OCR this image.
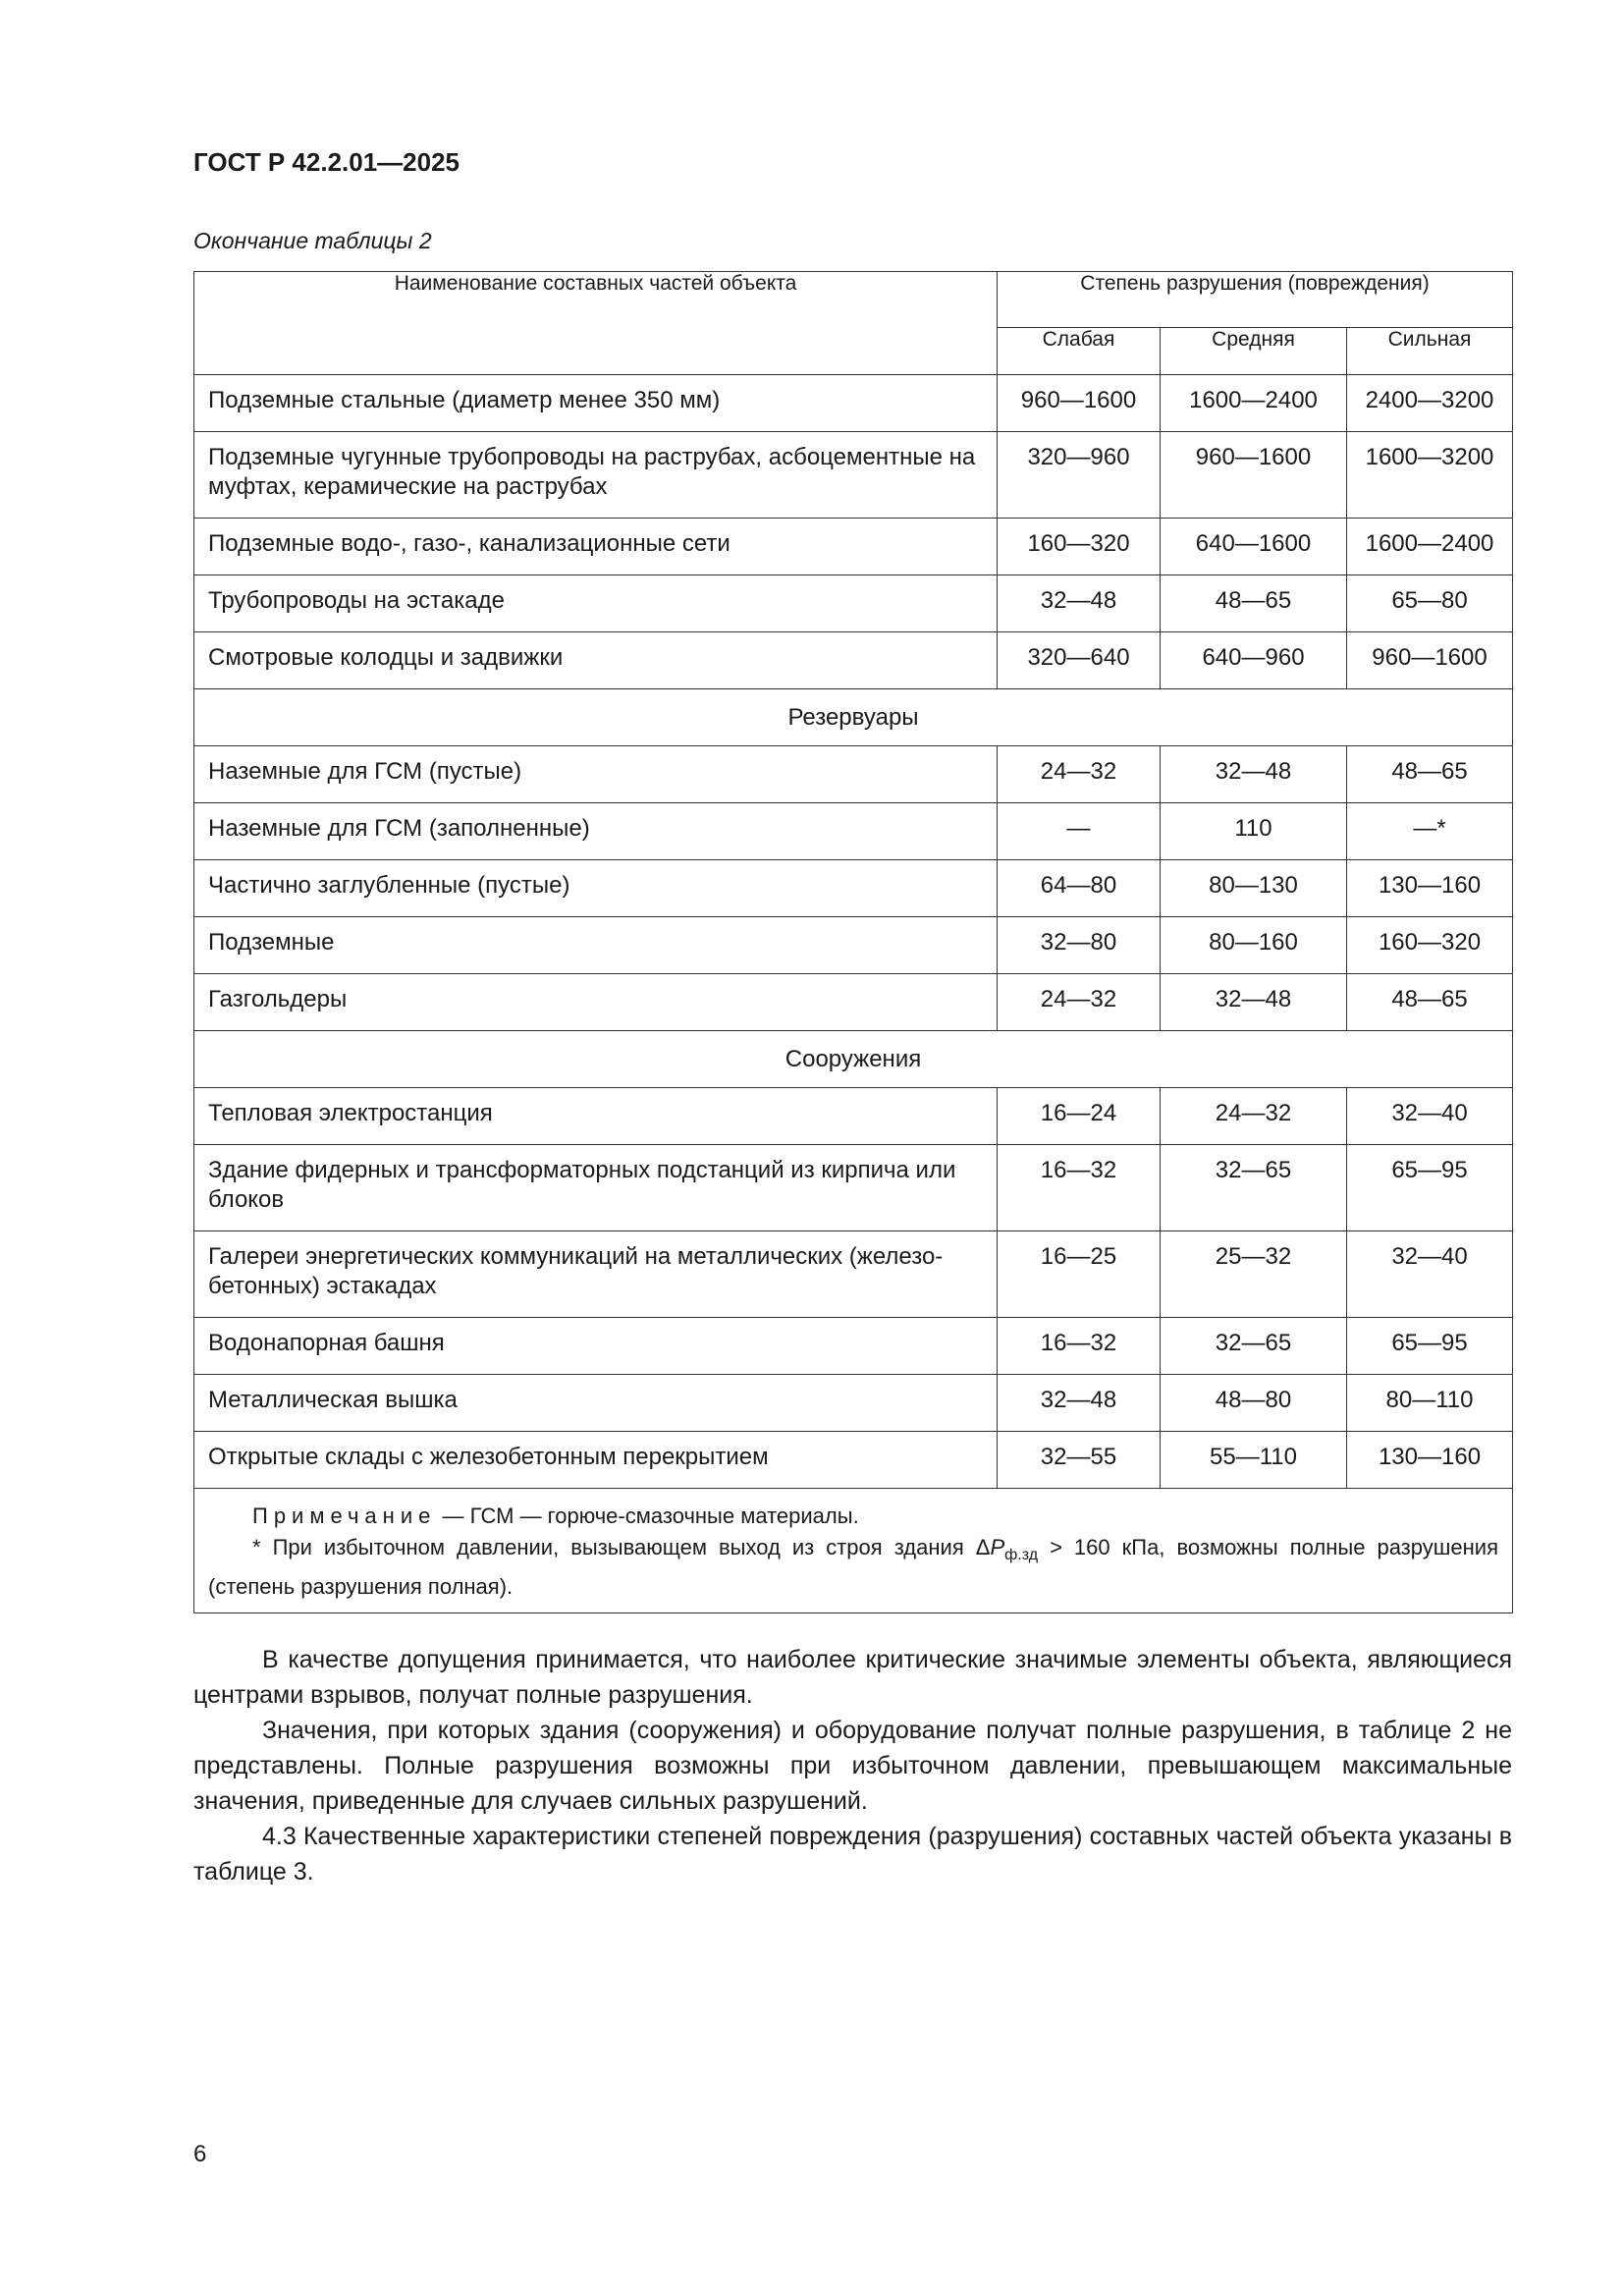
ГОСТ Р 42.2.01—2025
Окончание таблицы 2
Наименование составных частей объекта	Степень разрушения (повреждения)		
	Слабая	Средняя	Сильная
Подземные стальные (диаметр менее 350 мм)	960—1600	1600—2400	2400—3200
Подземные чугунные трубопроводы на раструбах, асбоцементные на муфтах, керамические на раструбах	320—960	960—1600	1600—3200
Подземные водо-, газо-, канализационные сети	160—320	640—1600	1600—2400
Трубопроводы на эстакаде	32—48	48—65	65—80
Смотровые колодцы и задвижки	320—640	640—960	960—1600
Резервуары			
Наземные для ГСМ (пустые)	24—32	32—48	48—65
Наземные для ГСМ (заполненные)	—	110	—*
Частично заглубленные (пустые)	64—80	80—130	130—160
Подземные	32—80	80—160	160—320
Газгольдеры	24—32	32—48	48—65
Сооружения			
Тепловая электростанция	16—24	24—32	32—40
Здание фидерных и трансформаторных подстанций из кирпича или блоков	16—32	32—65	65—95
Галереи энергетических коммуникаций на металлических (железо-бетонных) эстакадах	16—25	25—32	32—40
Водонапорная башня	16—32	32—65	65—95
Металлическая вышка	32—48	48—80	80—110
Открытые склады с железобетонным перекрытием	32—55	55—110	130—160

Примечание — ГСМ — горюче-смазочные материалы.
* При избыточном давлении, вызывающем выход из строя здания $\Delta P_{ф.зд} > 160$ кПа, возможны полные разрушения (степень разрушения полная).			

В качестве допущения принимается, что наиболее критические значимые элементы объекта, являющиеся центрами взрывов, получат полные разрушения.

Значения, при которых здания (сооружения) и оборудование получат полные разрушения, в таблице 2 не представлены. Полные разрушения возможны при избыточном давлении, превышающем максимальные значения, приведенные для случаев сильных разрушений.

4.3 Качественные характеристики степеней повреждения (разрушения) составных частей объекта указаны в таблице 3.

6
